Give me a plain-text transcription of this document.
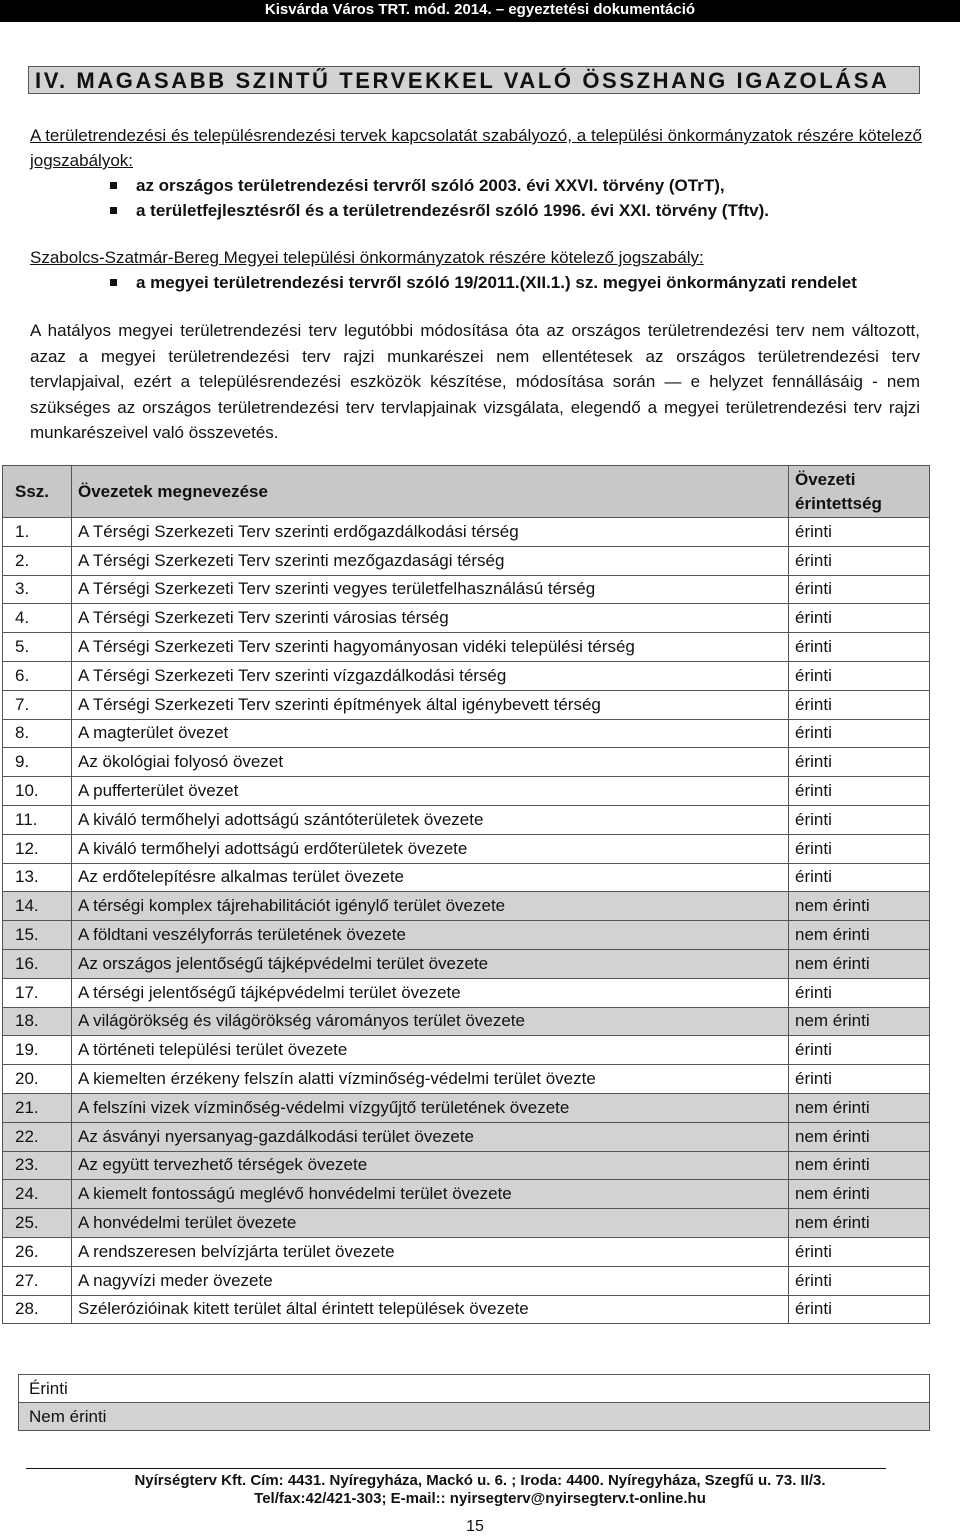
Kisvárda Város TRT. mód. 2014. – egyeztetési dokumentáció
IV. MAGASABB SZINTŰ TERVEKKEL VALÓ ÖSSZHANG IGAZOLÁSA
A területrendezési és településrendezési tervek kapcsolatát szabályozó, a települési önkormányzatok részére kötelező jogszabályok:
az országos területrendezési tervről szóló 2003. évi XXVI. törvény (OTrT),
a területfejlesztésről és a területrendezésről szóló 1996. évi XXI. törvény (Tftv).
Szabolcs-Szatmár-Bereg Megyei települési önkormányzatok részére kötelező jogszabály:
a megyei területrendezési tervről szóló 19/2011.(XII.1.) sz. megyei önkormányzati rendelet
A hatályos megyei területrendezési terv legutóbbi módosítása óta az országos területrendezési terv nem változott, azaz a megyei területrendezési terv rajzi munkarészei nem ellentétesek az országos területrendezési terv tervlapjaival, ezért a településrendezési eszközök készítése, módosítása során — e helyzet fennállásáig - nem szükséges az országos területrendezési terv tervlapjainak vizsgálata, elegendő a megyei területrendezési terv rajzi munkarészeivel való összevetés.
Ssz.	Övezetek megnevezése	Övezeti érintettség
1.	A Térségi Szerkezeti Terv szerinti erdőgazdálkodási térség	érinti
2.	A Térségi Szerkezeti Terv szerinti mezőgazdasági térség	érinti
3.	A Térségi Szerkezeti Terv szerinti vegyes területfelhasználású térség	érinti
4.	A Térségi Szerkezeti Terv szerinti városias térség	érinti
5.	A Térségi Szerkezeti Terv szerinti hagyományosan vidéki települési térség	érinti
6.	A Térségi Szerkezeti Terv szerinti vízgazdálkodási térség	érinti
7.	A Térségi Szerkezeti Terv szerinti építmények által igénybevett térség	érinti
8.	A magterület övezet	érinti
9.	Az ökológiai folyosó övezet	érinti
10.	A pufferterület övezet	érinti
11.	A kiváló termőhelyi adottságú szántóterületek övezete	érinti
12.	A kiváló termőhelyi adottságú erdőterületek övezete	érinti
13.	Az erdőtelepítésre alkalmas terület övezete	érinti
14.	A térségi komplex tájrehabilitációt igénylő terület övezete	nem érinti
15.	A földtani veszélyforrás területének övezete	nem érinti
16.	Az országos jelentőségű tájképvédelmi terület övezete	nem érinti
17.	A térségi jelentőségű tájképvédelmi terület övezete	érinti
18.	A világörökség és világörökség várományos terület övezete	nem érinti
19.	A történeti települési terület övezete	érinti
20.	A kiemelten érzékeny felszín alatti vízminőség-védelmi terület övezte	érinti
21.	A felszíni vizek vízminőség-védelmi vízgyűjtő területének övezete	nem érinti
22.	Az ásványi nyersanyag-gazdálkodási terület övezete	nem érinti
23.	Az együtt tervezhető térségek övezete	nem érinti
24.	A kiemelt fontosságú meglévő honvédelmi terület övezete	nem érinti
25.	A honvédelmi terület övezete	nem érinti
26.	A rendszeresen belvízjárta terület övezete	érinti
27.	A nagyvízi meder övezete	érinti
28.	Szélerózióinak kitett terület által érintett települések övezete	érinti
Érinti
Nem érinti
Nyírségterv Kft. Cím: 4431. Nyíregyháza, Mackó u. 6. ; Iroda: 4400. Nyíregyháza, Szegfű u. 73. II/3.
Tel/fax:42/421-303; E-mail:: nyirsegterv@nyirsegterv.t-online.hu
15
